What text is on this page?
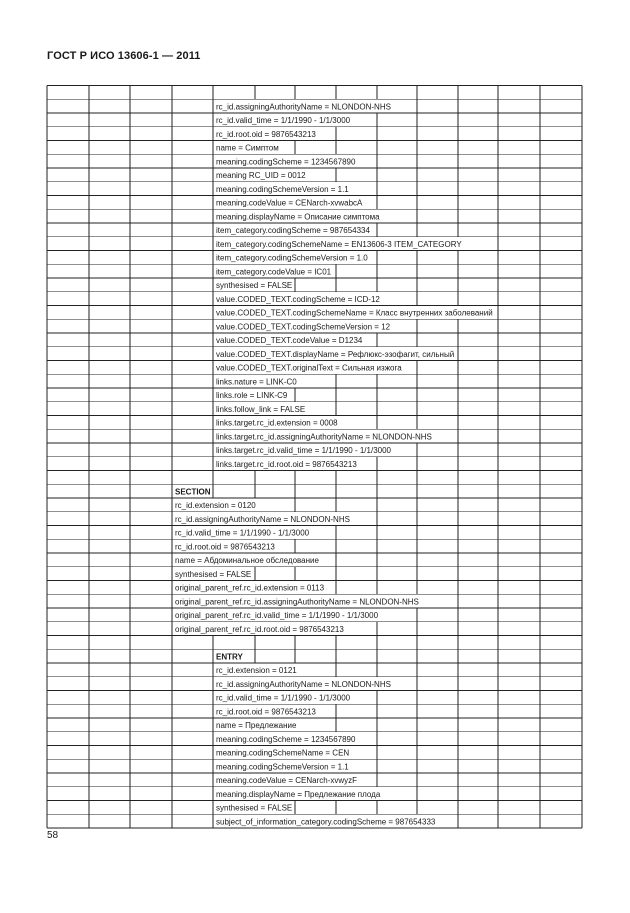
ГОСТ Р ИСО 13606-1 — 2011
rc_id.assigningAuthorityName = NLONDON-NHS
rc_id.valid_time = 1/1/1990 - 1/1/3000
rc_id.root.oid = 9876543213
name = Симптом
meaning.codingScheme = 1234567890
meaning RC_UID = 0012
meaning.codingSchemeVersion = 1.1
meaning.codeValue = CENarch-xvwabcA
meaning.displayName = Описание симптома
item_category.codingScheme = 987654334
item_category.codingSchemeName = EN13606-3 ITEM_CATEGORY
item_category.codingSchemeVersion = 1.0
item_category.codeValue = IC01
synthesised = FALSE
value.CODED_TEXT.codingScheme = ICD-12
value.CODED_TEXT.codingSchemeName = Класс внутренних заболеваний
value.CODED_TEXT.codingSchemeVersion = 12
value.CODED_TEXT.codeValue = D1234
value.CODED_TEXT.displayName = Рефлюкс-эзофагит, сильный
value.CODED_TEXT.originalText = Сильная изжога
links.nature = LINK-C0
links.role = LINK-C9
links.follow_link = FALSE
links.target.rc_id.extension = 0008
links.target.rc_id.assigningAuthorityName = NLONDON-NHS
links.target.rc_id.valid_time = 1/1/1990 - 1/1/3000
links.target.rc_id.root.oid = 9876543213
SECTION
rc_id.extension = 0120
rc_id.assigningAuthorityName = NLONDON-NHS
rc_id.valid_time = 1/1/1990 - 1/1/3000
rc_id.root.oid = 9876543213
name = Абдоминальное обследование
synthesised = FALSE
original_parent_ref.rc_id.extension = 0113
original_parent_ref.rc_id.assigningAuthorityName = NLONDON-NHS
original_parent_ref.rc_id.valid_time = 1/1/1990 - 1/1/3000
original_parent_ref.rc_id.root.oid = 9876543213
ENTRY
rc_id.extension = 0121
rc_id.assigningAuthorityName = NLONDON-NHS
rc_id.valid_time = 1/1/1990 - 1/1/3000
rc_id.root.oid = 9876543213
name = Предлежание
meaning.codingScheme = 1234567890
meaning.codingSchemeName = CEN
meaning.codingSchemeVersion = 1.1
meaning.codeValue = CENarch-xvwyzF
meaning.displayName = Предлежание плода
synthesised = FALSE
subject_of_information_category.codingScheme = 987654333
58
